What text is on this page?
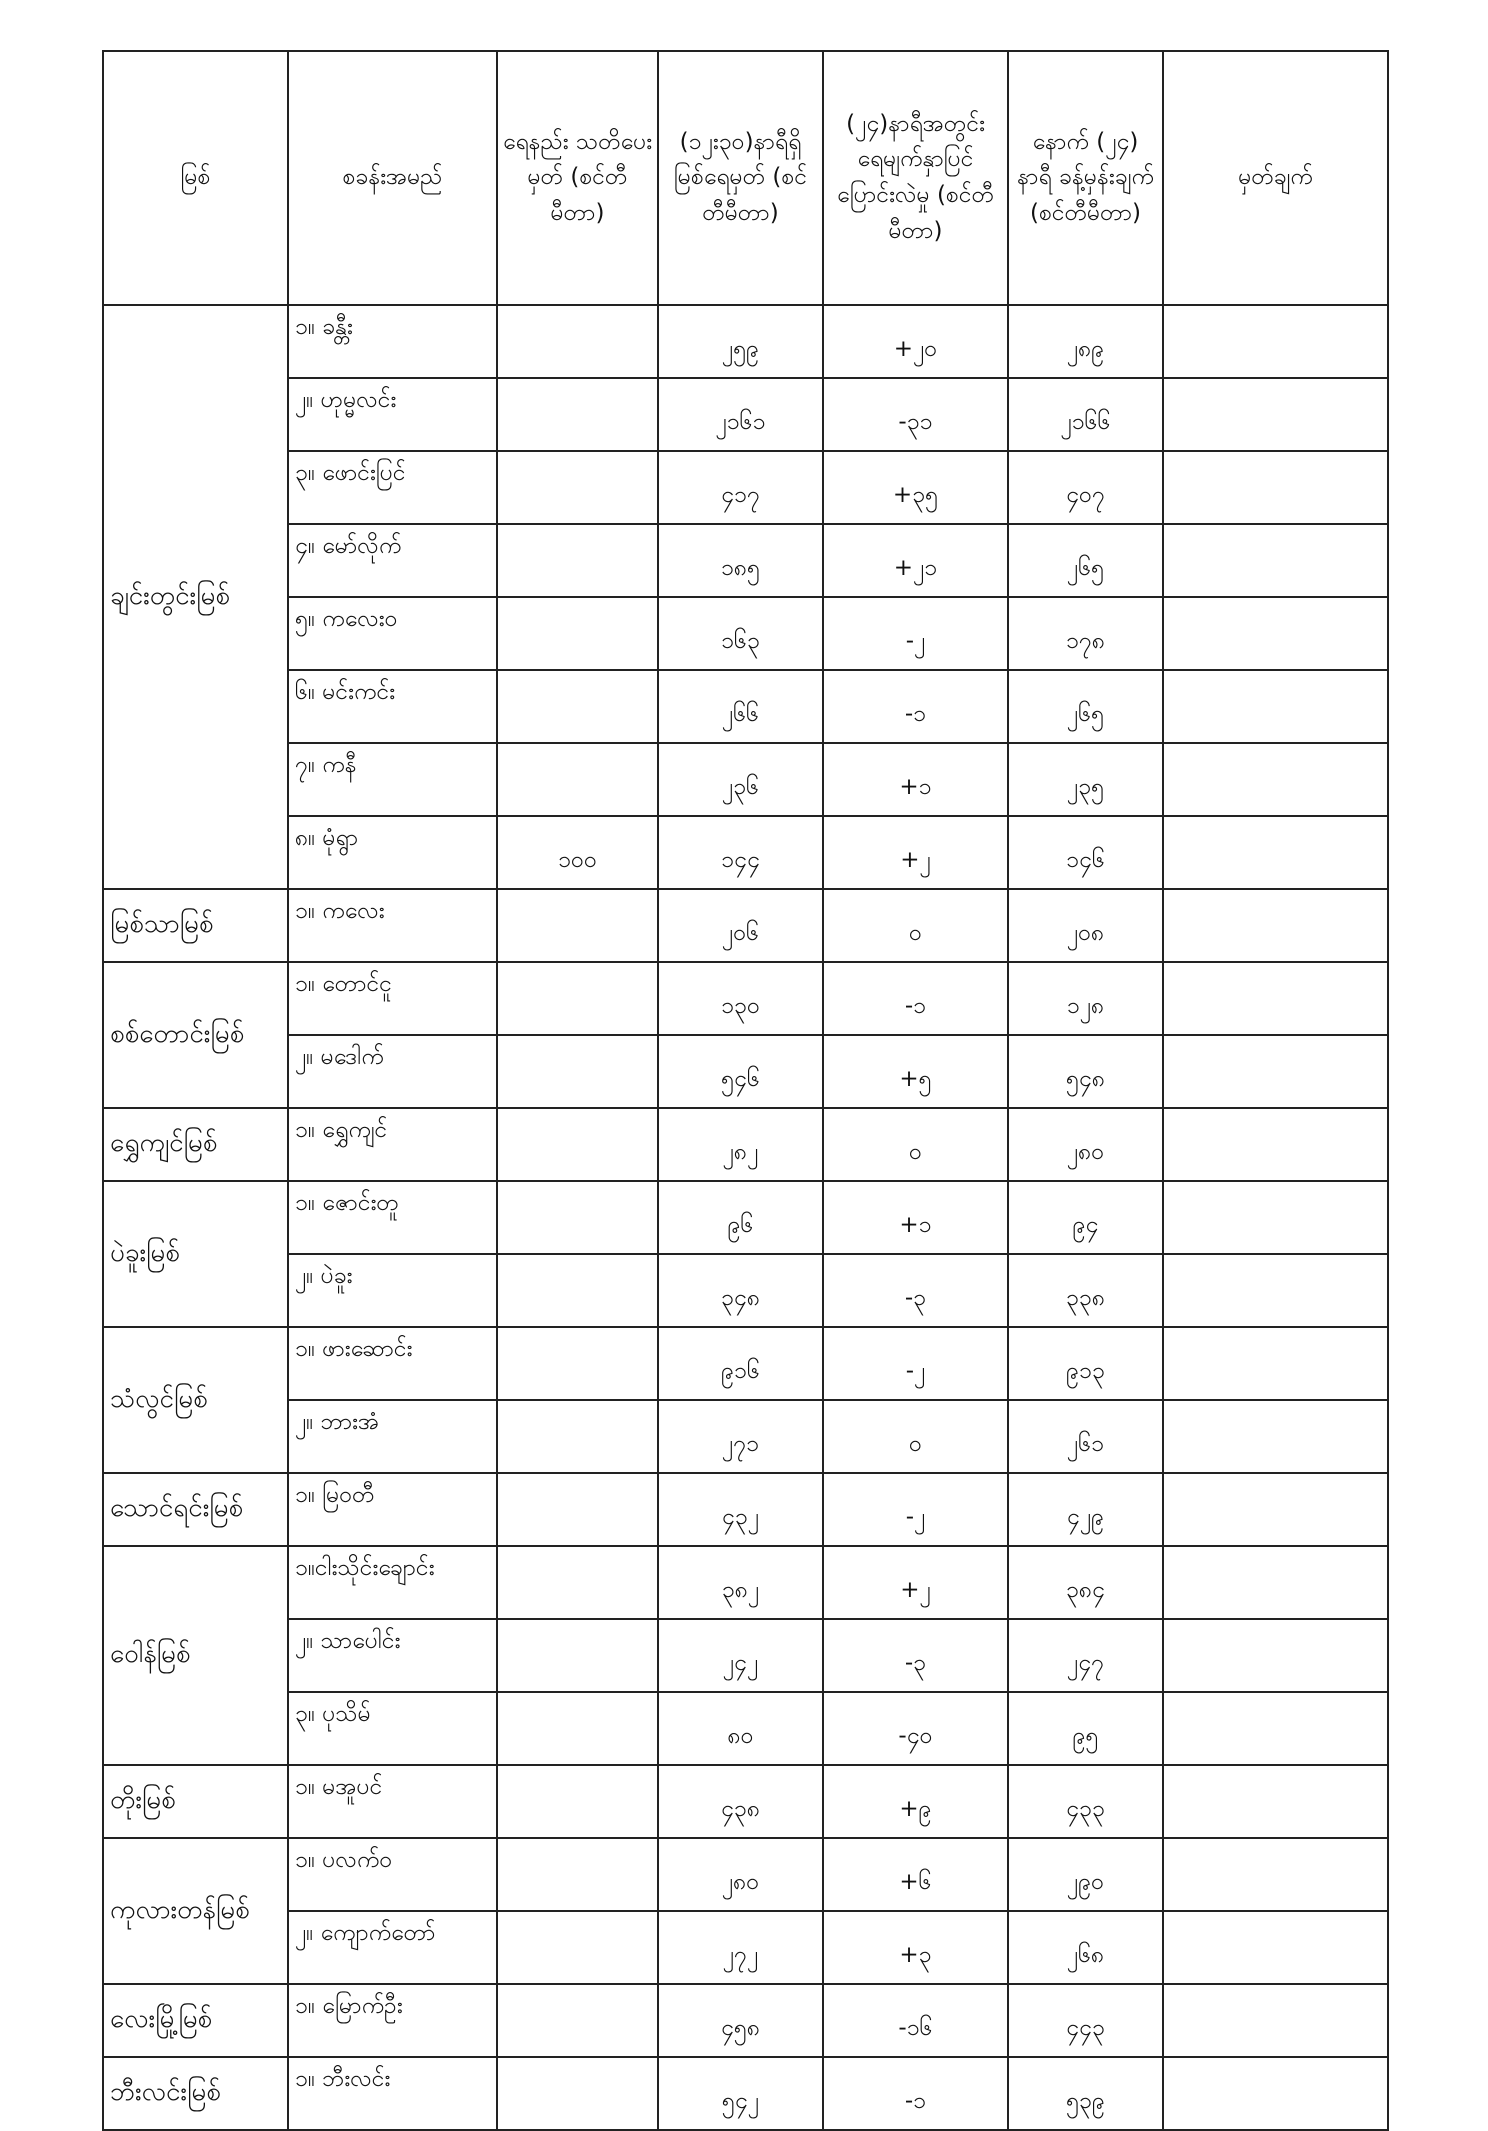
မြစ်	စခန်းအမည်	ရေနည်း သတိပေးမှတ် (စင်တီမီတာ)	(၁၂း၃၀)နာရီရှိ မြစ်ရေမှတ် (စင်တီမီတာ)	(၂၄)နာရီအတွင်း ရေမျက်နှာပြင် ပြောင်းလဲမှု (စင်တီမီတာ)	နောက် (၂၄) နာရီ ခန့်မှန်းချက် (စင်တီမီတာ)	မှတ်ချက်
ချင်းတွင်းမြစ်	၁။ ခန္တီး		၂၅၉	+၂၀	၂၈၉	
	၂။ ဟုမ္မလင်း		၂၁၆၁	-၃၁	၂၁၆၆	
	၃။ ဖောင်းပြင်		၄၁၇	+၃၅	၄၀၇	
	၄။ မော်လိုက်		၁၈၅	+၂၁	၂၆၅	
	၅။ ကလေးဝ		၁၆၃	-၂	၁၇၈	
	၆။ မင်းကင်း		၂၆၆	-၁	၂၆၅	
	၇။ ကနီ		၂၃၆	+၁	၂၃၅	
	၈။ မုံရွာ	၁၀၀	၁၄၄	+၂	၁၄၆	
မြစ်သာမြစ်	၁။ ကလေး		၂၀၆	၀	၂၀၈	
စစ်တောင်းမြစ်	၁။ တောင်ငူ		၁၃၀	-၁	၁၂၈	
	၂။ မဒေါက်		၅၄၆	+၅	၅၄၈	
ရွှေကျင်မြစ်	၁။ ရွှေကျင်		၂၈၂	၀	၂၈၀	
ပဲခူးမြစ်	၁။ ဇောင်းတူ		၉၆	+၁	၉၄	
	၂။ ပဲခူး		၃၄၈	-၃	၃၃၈	
သံလွင်မြစ်	၁။ ဖားဆောင်း		၉၁၆	-၂	၉၁၃	
	၂။ ဘားအံ		၂၇၁	၀	၂၆၁	
သောင်ရင်းမြစ်	၁။ မြဝတီ		၄၃၂	-၂	၄၂၉	
ဝေါန်မြစ်	၁။ငါးသိုင်းချောင်း		၃၈၂	+၂	၃၈၄	
	၂။ သာပေါင်း		၂၄၂	-၃	၂၄၇	
	၃။ ပုသိမ်		၈၀	-၄၀	၉၅	
တိုးမြစ်	၁။ မအူပင်		၄၃၈	+၉	၄၃၃	
ကုလားတန်မြစ်	၁။ ပလက်ဝ		၂၈၀	+၆	၂၉၀	
	၂။ ကျောက်တော်		၂၇၂	+၃	၂၆၈	
လေးမြို့မြစ်	၁။ မြောက်ဦး		၄၅၈	-၁၆	၄၄၃	
ဘီးလင်းမြစ်	၁။ ဘီးလင်း		၅၄၂	-၁	၅၃၉	
